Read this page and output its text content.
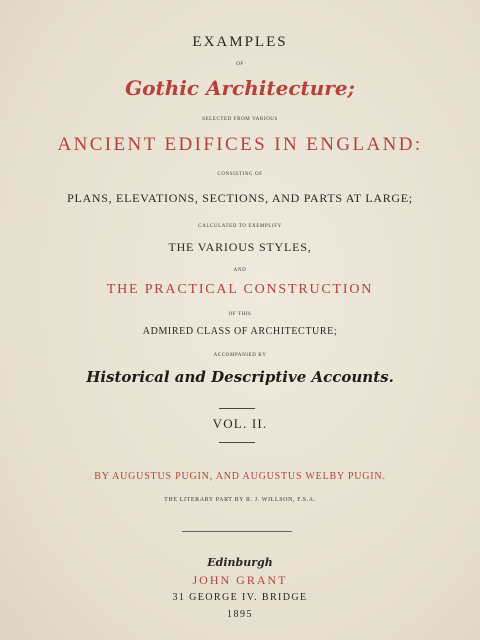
EXAMPLES
OF
Gothic Architecture;
SELECTED FROM VARIOUS
ANCIENT EDIFICES IN ENGLAND:
CONSISTING OF
PLANS, ELEVATIONS, SECTIONS, AND PARTS AT LARGE;
CALCULATED TO EXEMPLIFY
THE VARIOUS STYLES,
AND
THE PRACTICAL CONSTRUCTION
OF THIS
ADMIRED CLASS OF ARCHITECTURE;
ACCOMPANIED BY
Historical and Descriptive Accounts.
VOL. II.
BY AUGUSTUS PUGIN, AND AUGUSTUS WELBY PUGIN.
THE LITERARY PART BY R. J. WILLSON, F.S.A.
Edinburgh
JOHN GRANT
31 GEORGE IV. BRIDGE
1895
